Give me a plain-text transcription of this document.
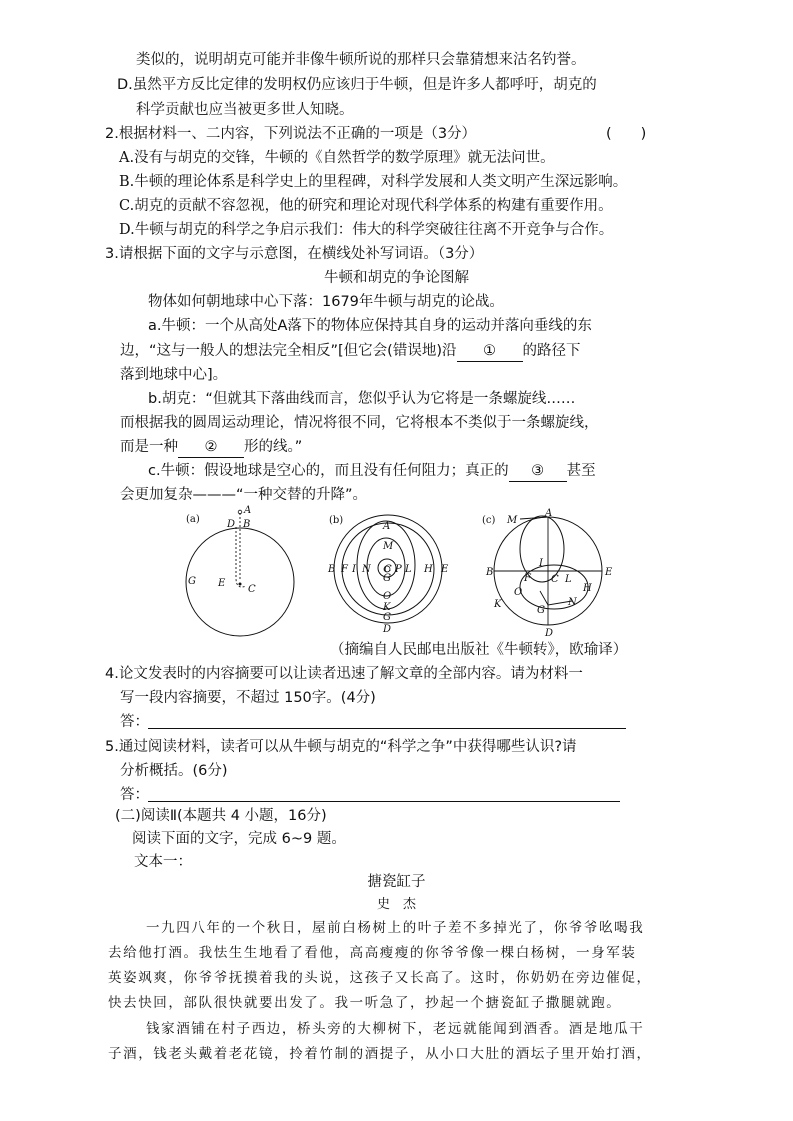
类似的，说明胡克可能并非像牛顿所说的那样只会靠猜想来沽名钓誉。
D.虽然平方反比定律的发明权仍应该归于牛顿，但是许多人都呼吁，胡克的
科学贡献也应当被更多世人知晓。
2.根据材料一、二内容，下列说法不正确的一项是（3分）	(　　)
A.没有与胡克的交锋，牛顿的《自然哲学的数学原理》就无法问世。
B.牛顿的理论体系是科学史上的里程碑，对科学发展和人类文明产生深远影响。
C.胡克的贡献不容忽视，他的研究和理论对现代科学体系的构建有重要作用。
D.牛顿与胡克的科学之争启示我们：伟大的科学突破往往离不开竞争与合作。
3.请根据下面的文字与示意图，在横线处补写词语。（3分）
牛顿和胡克的争论图解
物体如何朝地球中心下落：1679年牛顿与胡克的论战。
a.牛顿：一个从高处A落下的物体应保持其自身的运动并落向垂线的东
边，“这与一般人的想法完全相反”[但它会(错误地)沿 ① 的路径下
落到地球中心]。
b.胡克：“但就其下落曲线而言，您似乎认为它将是一条螺旋线……
而根据我的圆周运动理论，情况将很不同，它将根本不类似于一条螺旋线，
而是一种 ② 形的线。”
c.牛顿：假设地球是空心的，而且没有任何阻力；真正的 ③ 甚至
会更加复杂———“一种交替的升降”。
(a)
A
D B
G E
C
(b)
A
M
B F I N C P L H E
G
O
K
G
D
(c) M
A
I
B
F C L
E
H
O
G
N
K
D
（摘编自人民邮电出版社《牛顿转》，欧瑜译）
4.论文发表时的内容摘要可以让读者迅速了解文章的全部内容。请为材料一
写一段内容摘要，不超过 150字。(4分)
答：
5.通过阅读材料，读者可以从牛顿与胡克的“科学之争”中获得哪些认识?请
分析概括。(6分)
答：
(二)阅读Ⅱ(本题共 4 小题，16分)
阅读下面的文字，完成 6~9 题。
文本一：
搪瓷缸子
史　杰
一九四八年的一个秋日，屋前白杨树上的叶子差不多掉光了，你爷爷吆喝我
去给他打酒。我怯生生地看了看他，高高瘦瘦的你爷爷像一棵白杨树，一身军装
英姿飒爽，你爷爷抚摸着我的头说，这孩子又长高了。这时，你奶奶在旁边催促，
快去快回，部队很快就要出发了。我一听急了，抄起一个搪瓷缸子撒腿就跑。
钱家酒铺在村子西边，桥头旁的大柳树下，老远就能闻到酒香。酒是地瓜干
子酒，钱老头戴着老花镜，拎着竹制的酒提子，从小口大肚的酒坛子里开始打酒，
